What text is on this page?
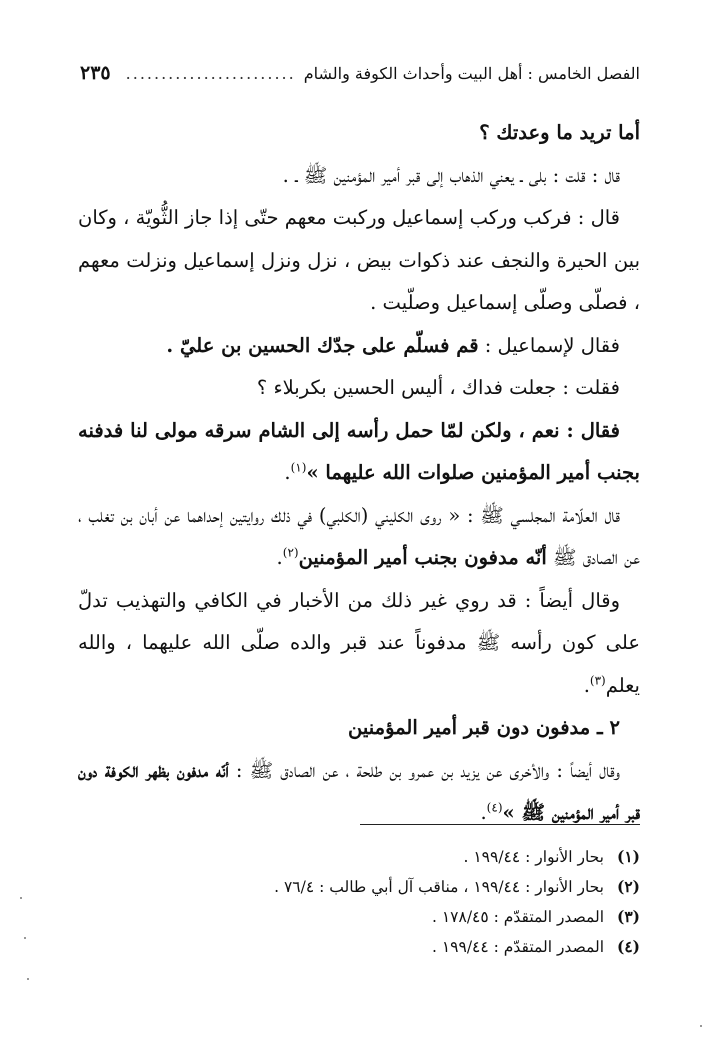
الفصل الخامس : أهل البيت وأحداث الكوفة والشام
........................
٢٣٥

أما تريد ما وعدتك ؟

قال : قلت : بلى ـ يعني الذهاب إلى قبر أمير المؤمنين ﷺ ـ .

قال : فركب وركب إسماعيل وركبت معهم حتّى إذا جاز الثُّويّة ، وكان بين الحيرة والنجف عند ذكوات بيض ، نزل ونزل إسماعيل ونزلت معهم ، فصلّى وصلّى إسماعيل وصلّيت .

فقال لإسماعيل : قم فسلّم على جدّك الحسين بن عليّ .

فقلت : جعلت فداك ، أليس الحسين بكربلاء ؟

فقال : نعم ، ولكن لمّا حمل رأسه إلى الشام سرقه مولى لنا فدفنه بجنب أمير المؤمنين صلوات الله عليهما »$^{(١)}$.

قال العلّامة المجلسي ﷺ : « روى الكليني (الكلبي) في ذلك روايتين إحداهما عن أبان بن تغلب ، عن الصادق ﷺ أنّه مدفون بجنب أمير المؤمنين$^{(٢)}$.

وقال أيضاً : قد روي غير ذلك من الأخبار في الكافي والتهذيب تدلّ على كون رأسه ﷺ مدفوناً عند قبر والده صلّى الله عليهما ، والله يعلم$^{(٣)}$.

٢ ـ مدفون دون قبر أمير المؤمنين

وقال أيضاً : والأخرى عن يزيد بن عمرو بن طلحة ، عن الصادق ﷺ : أنّه مدفون بظهر الكوفة دون قبر أمير المؤمنين ﷺ »$^{(٤)}$.

(١)بحار الأنوار : ١٩٩/٤٤ .
(٢)بحار الأنوار : ١٩٩/٤٤ ، مناقب آل أبي طالب : ٧٦/٤ .
(٣)المصدر المتقدّم : ١٧٨/٤٥ .
(٤)المصدر المتقدّم : ١٩٩/٤٤ .
